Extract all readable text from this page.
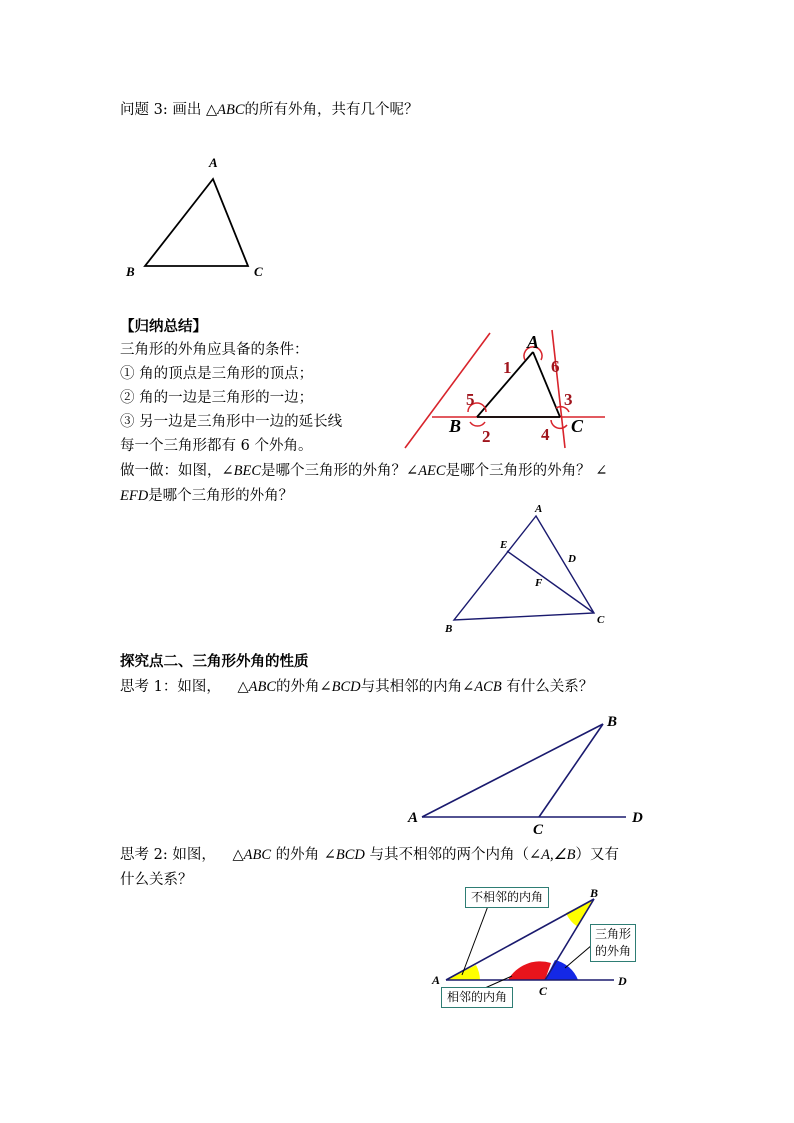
问题 3: 画出 △ABC的所有外角，共有几个呢？
A
B	C
【归纳总结】
三角形的外角应具备的条件：
① 角的顶点是三角形的顶点；
② 角的一边是三角形的一边；
③ 另一边是三角形中一边的延长线
每一个三角形都有 6 个外角。
A
B	C
1 6
5	3
2	4
做一做：如图，∠BEC是哪个三角形的外角？∠AEC是哪个三角形的外角？ ∠
EFD是哪个三角形的外角？
A
E
D
F
B
C
探究点二、三角形外角的性质
思考 1：如图， △ABC的外角∠BCD与其相邻的内角∠ACB 有什么关系？
A
B
C
D
思考 2: 如图， △ABC 的外角 ∠BCD 与其不相邻的两个内角（∠A,∠B）又有
什么关系？
A
B
C
D
不相邻的内角
三角形
的外角
相邻的内角
